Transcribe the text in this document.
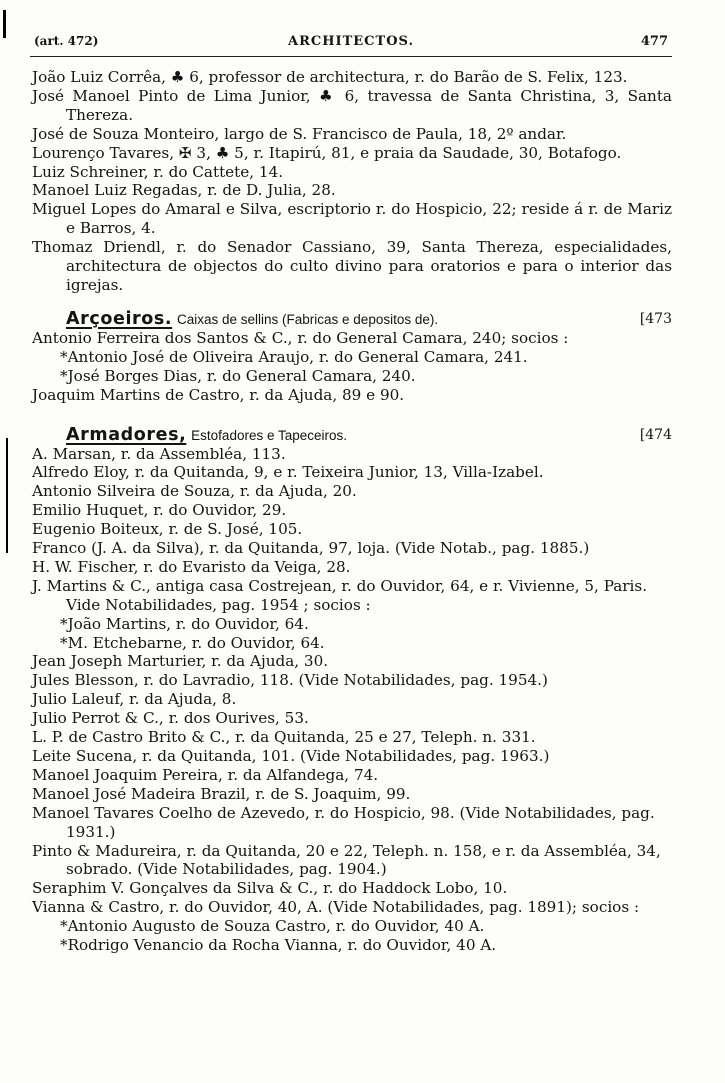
(art. 472)	ARCHITECTOS.	477

João Luiz Corrêa, ♣ 6, professor de architectura, r. do Barão de S. Felix, 123.

José Manoel Pinto de Lima Junior, ♣ 6, travessa de Santa Christina, 3, Santa Thereza.

José de Souza Monteiro, largo de S. Francisco de Paula, 18, 2º andar.

Lourenço Tavares, ✠ 3, ♣ 5, r. Itapirú, 81, e praia da Saudade, 30, Botafogo.

Luiz Schreiner, r. do Cattete, 14.

Manoel Luiz Regadas, r. de D. Julia, 28.

Miguel Lopes do Amaral e Silva, escriptorio r. do Hospicio, 22; reside á r. de Mariz e Barros, 4.

Thomaz Driendl, r. do Senador Cassiano, 39, Santa Thereza, especialidades, architectura de objectos do culto divino para oratorios e para o interior das igrejas.

Arçoeiros. Caixas de sellins (Fabricas e depositos de).	[473

Antonio Ferreira dos Santos & C., r. do General Camara, 240; socios :

*Antonio José de Oliveira Araujo, r. do General Camara, 241.

*José Borges Dias, r. do General Camara, 240.

Joaquim Martins de Castro, r. da Ajuda, 89 e 90.

Armadores, Estofadores e Tapeceiros.	[474

A. Marsan, r. da Assembléa, 113.

Alfredo Eloy, r. da Quitanda, 9, e r. Teixeira Junior, 13, Villa-Izabel.

Antonio Silveira de Souza, r. da Ajuda, 20.

Emilio Huquet, r. do Ouvidor, 29.

Eugenio Boiteux, r. de S. José, 105.

Franco (J. A. da Silva), r. da Quitanda, 97, loja. (Vide Notab., pag. 1885.)

H. W. Fischer, r. do Evaristo da Veiga, 28.

J. Martins & C., antiga casa Costrejean, r. do Ouvidor, 64, e r. Vivienne, 5, Paris. Vide Notabilidades, pag. 1954 ; socios :

*João Martins, r. do Ouvidor, 64.

*M. Etchebarne, r. do Ouvidor, 64.

Jean Joseph Marturier, r. da Ajuda, 30.

Jules Blesson, r. do Lavradio, 118. (Vide Notabilidades, pag. 1954.)

Julio Laleuf, r. da Ajuda, 8.

Julio Perrot & C., r. dos Ourives, 53.

L. P. de Castro Brito & C., r. da Quitanda, 25 e 27, Teleph. n. 331.

Leite Sucena, r. da Quitanda, 101. (Vide Notabilidades, pag. 1963.)

Manoel Joaquim Pereira, r. da Alfandega, 74.

Manoel José Madeira Brazil, r. de S. Joaquim, 99.

Manoel Tavares Coelho de Azevedo, r. do Hospicio, 98. (Vide Notabilidades, pag. 1931.)

Pinto & Madureira, r. da Quitanda, 20 e 22, Teleph. n. 158, e r. da Assembléa, 34, sobrado. (Vide Notabilidades, pag. 1904.)

Seraphim V. Gonçalves da Silva & C., r. do Haddock Lobo, 10.

Vianna & Castro, r. do Ouvidor, 40, A. (Vide Notabilidades, pag. 1891); socios :

*Antonio Augusto de Souza Castro, r. do Ouvidor, 40 A.

*Rodrigo Venancio da Rocha Vianna, r. do Ouvidor, 40 A.
